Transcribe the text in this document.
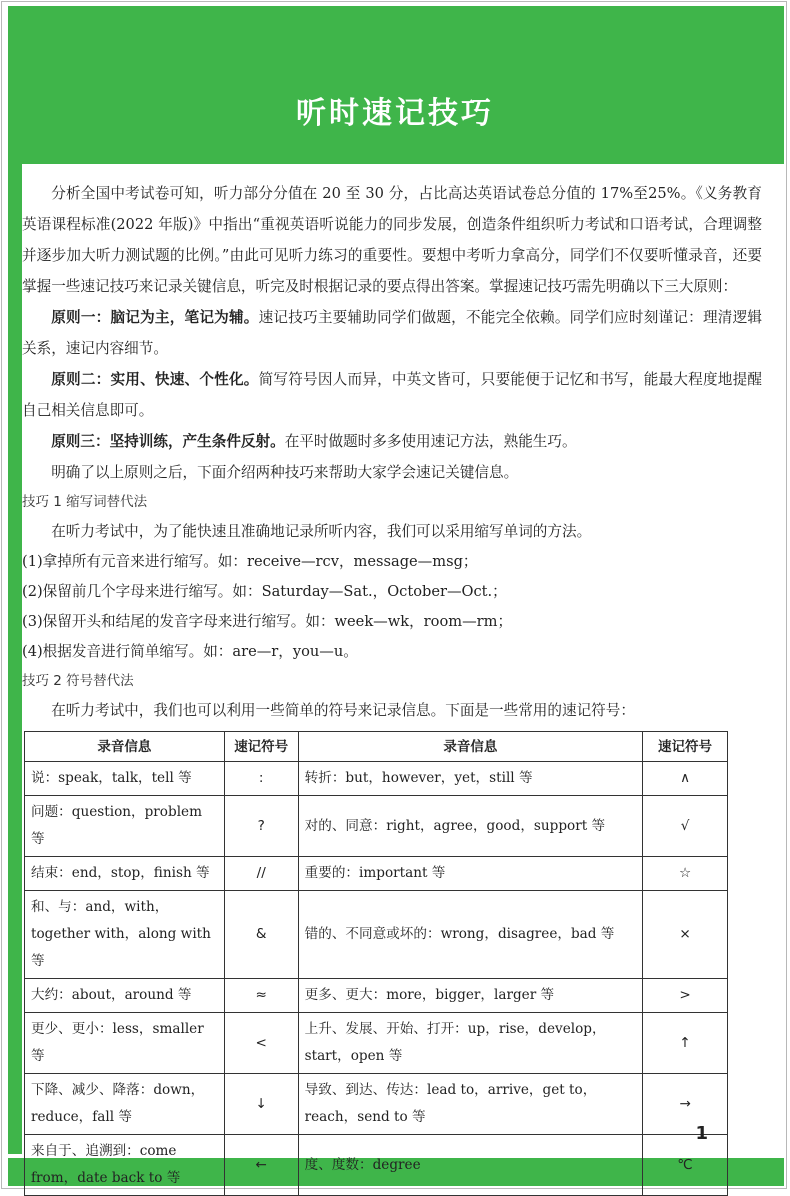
听时速记技巧

分析全国中考试卷可知，听力部分分值在 20 至 30 分，占比高达英语试卷总分值的 17%至25%。《义务教育英语课程标准(2022 年版)》中指出“重视英语听说能力的同步发展，创造条件组织听力考试和口语考试，合理调整并逐步加大听力测试题的比例。”由此可见听力练习的重要性。要想中考听力拿高分，同学们不仅要听懂录音，还要掌握一些速记技巧来记录关键信息，听完及时根据记录的要点得出答案。掌握速记技巧需先明确以下三大原则：

原则一：脑记为主，笔记为辅。速记技巧主要辅助同学们做题，不能完全依赖。同学们应时刻谨记：理清逻辑关系，速记内容细节。

原则二：实用、快速、个性化。简写符号因人而异，中英文皆可，只要能便于记忆和书写，能最大程度地提醒自己相关信息即可。

原则三：坚持训练，产生条件反射。在平时做题时多多使用速记方法，熟能生巧。

明确了以上原则之后，下面介绍两种技巧来帮助大家学会速记关键信息。

技巧 1 缩写词替代法

在听力考试中，为了能快速且准确地记录所听内容，我们可以采用缩写单词的方法。

(1)拿掉所有元音来进行缩写。如：receive—rcv，message—msg；

(2)保留前几个字母来进行缩写。如：Saturday—Sat.，October—Oct.；

(3)保留开头和结尾的发音字母来进行缩写。如：week—wk，room—rm；

(4)根据发音进行简单缩写。如：are—r，you—u。

技巧 2 符号替代法

在听力考试中，我们也可以利用一些简单的符号来记录信息。下面是一些常用的速记符号：

录音信息	速记符号	录音信息	速记符号
说：speak，talk，tell 等	:	转折：but，however，yet，still 等	∧
问题：question，problem 等	?	对的、同意：right，agree，good，support 等	√
结束：end，stop，finish 等	//	重要的：important 等	☆
和、与：and，with，together with，along with 等	&	错的、不同意或坏的：wrong，disagree，bad 等	×
大约：about，around 等	≈	更多、更大：more，bigger，larger 等	>
更少、更小：less，smaller 等	<	上升、发展、开始、打开：up，rise，develop，start，open 等	↑
下降、减少、降落：down，reduce，fall 等	↓	导致、到达、传达：lead to，arrive，get to，reach，send to 等	→
来自于、追溯到：come from，date back to 等	←	度、度数：degree	℃
1
